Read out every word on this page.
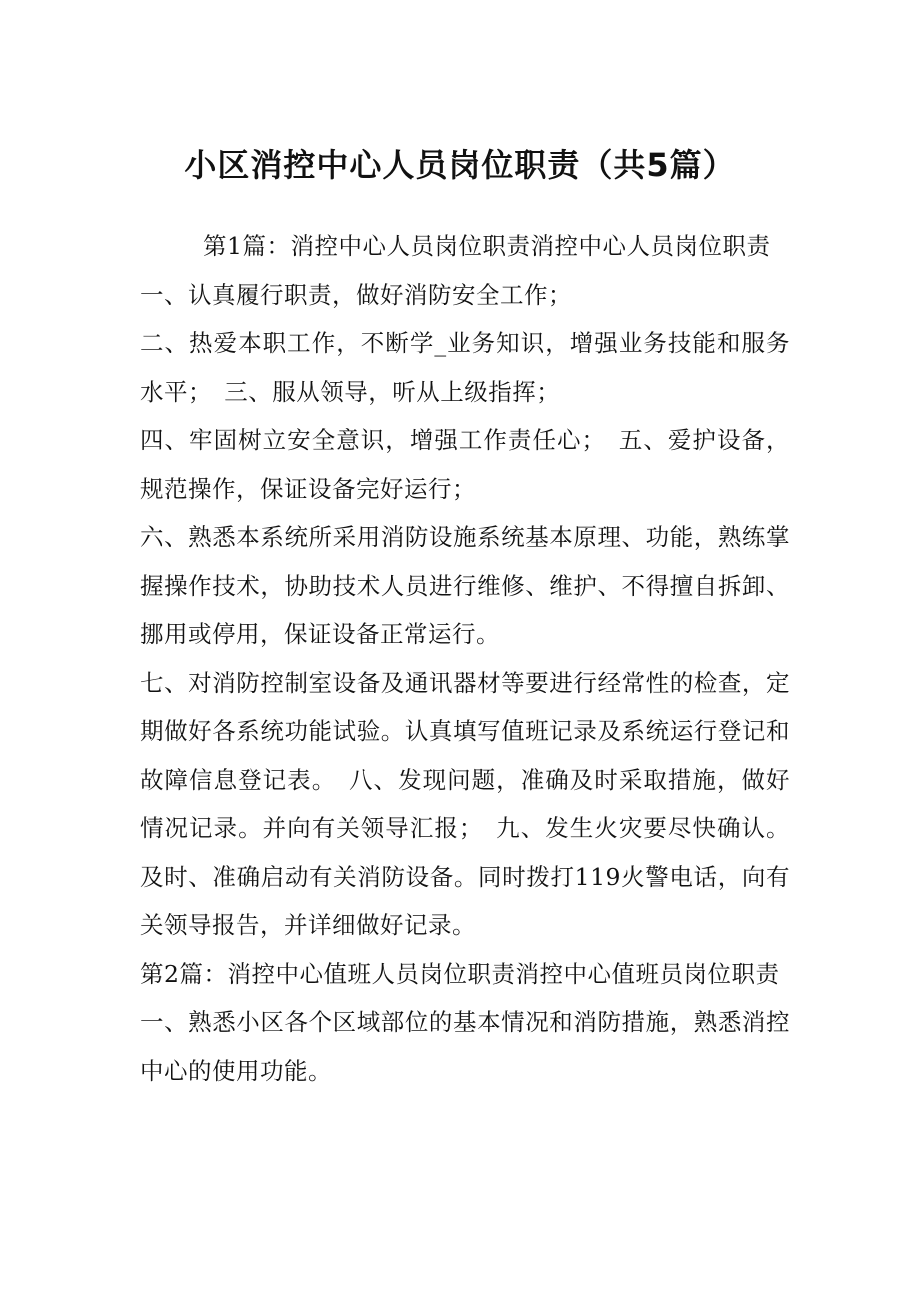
小区消控中心人员岗位职责（共5篇）

第1篇：消控中心人员岗位职责消控中心人员岗位职责

一、认真履行职责，做好消防安全工作；

二、热爱本职工作，不断学_业务知识，增强业务技能和服务水平；　三、服从领导，听从上级指挥；

四、牢固树立安全意识，增强工作责任心；　五、爱护设备，规范操作，保证设备完好运行；

六、熟悉本系统所采用消防设施系统基本原理、功能，熟练掌握操作技术，协助技术人员进行维修、维护、不得擅自拆卸、挪用或停用，保证设备正常运行。

七、对消防控制室设备及通讯器材等要进行经常性的检查，定期做好各系统功能试验。认真填写值班记录及系统运行登记和故障信息登记表。　八、发现问题，准确及时采取措施，做好情况记录。并向有关领导汇报；　九、发生火灾要尽快确认。及时、准确启动有关消防设备。同时拨打119火警电话，向有关领导报告，并详细做好记录。

第2篇：消控中心值班人员岗位职责消控中心值班员岗位职责

一、熟悉小区各个区域部位的基本情况和消防措施，熟悉消控中心的使用功能。
